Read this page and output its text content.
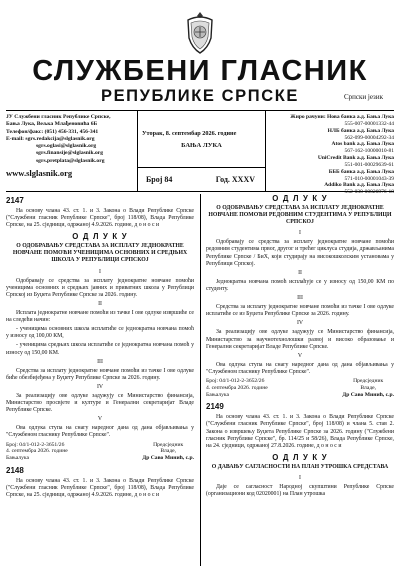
СЛУЖБЕНИ ГЛАСНИК
РЕПУБЛИКЕ СРПСКЕ	Српски језик
ЈУ Службени гласник Републике Српске,
Бања Лука, Вељка Млађеновића 6Б
Телефон/факс: (051) 456-331, 456-341
E-mail: sgrs.redakcija@slglasnik.org
sgrs.oglasi@slglasnik.org
sgrs.finansije@slglasnik.org
sgrs.pretplata@slglasnik.org
www.slglasnik.org
Уторак, 8. септембар 2026. године
БАЊА ЛУКА
Број 84	Год. XXXV
Жиро рачуни: Нова банка а.д. Бања Лука
555-007-00001332-44
НЛБ банка а.д. Бања Лука
562-099-00004292-34
Atos bank а.д. Бања Лука
567-162-10000010-81
UniCredit Bank а.д. Бања Лука
551-001-00029639-61
БББ банка а.д. Бања Лука
571-010-00001043-39
Addiko Bank а.д. Бања Лука
552-030-00026976-18
2147

На основу члана 43. ст. 1. и 3. Закона о Влади Републике Српске ("Службени гласник Републике Српске", број 118/08), Влада Републике Српске, на 25. сједници, одржаној 4.9.2026. године, д о н о с и

О Д Л У К У
О ОДОБРАВАЊУ СРЕДСТАВА ЗА ИСПЛАТУ ЈЕДНОКРАТНЕ НОВЧАНЕ ПОМОЋИ УЧЕНИЦИМА ОСНОВНИХ И СРЕДЊИХ ШКОЛА У РЕПУБЛИЦИ СРПСКОЈ
I

Одобравају се средства за исплату једнократне новчане помоћи ученицима основних и средњих јавних и приватних школа у Републици Српској из Буџета Републике Српске за 2026. годину.

II

Исплата једнократне новчане помоћи из тачке I ове одлуке извршиће се на следећи начин:

- ученицима основних школа исплатиће се једнократна новчана помоћ у износу од 100,00 КМ,

- ученицима средњих школа исплатиће се једнократна новчана помоћ у износу од 150,00 КМ.

III

Средства за исплату једнократне новчане помоћи из тачке I ове одлуке биће обезбијеђена у Буџету Републике Српске за 2026. годину.

IV

За реализацију ове одлуке задужују се Министарство финансија, Министарство просвјете и културе и Генерални секретаријат Владе Републике Српске.

V

Ова одлука ступа на снагу наредног дана од дана објављивања у "Службеном гласнику Републике Српске".

Број: 04/1-012-2-3651/26
4. септембра 2026. године
Бањалука
Предсједник
Владе,
Др Саво Минић, с.р.
2148

На основу члана 43. ст. 1. и 3. Закона о Влади Републике Српске ("Службени гласник Републике Српске", број 118/08), Влада Републике Српске, на 25. сједници, одржаној 4.9.2026. године, д о н о с и

О Д Л У К У
О ОДОБРАВАЊУ СРЕДСТАВА ЗА ИСПЛАТУ ЈЕДНОКРАТНЕ НОВЧАНЕ ПОМОЋИ РЕДОВНИМ СТУДЕНТИМА У РЕПУБЛИЦИ СРПСКОЈ
I

Одобравају се средства за исплату једнократне новчане помоћи редовним студентима првог, другог и трећег циклуса студија, држављанима Републике Српске / БиХ, који студирају на високошколским установама у Републици Српској.

II

Једнократна новчана помоћ исплаћује се у износу од 150,00 КМ по студенту.

III

Средства за исплату једнократне новчане помоћи из тачке I ове одлуке исплатиће се из Буџета Републике Српске за 2026. годину.

IV

За реализацију ове одлуке задужују се Министарство финансија, Министарство за научнотехнолошки развој и високо образовање и Генерални секретаријат Владе Републике Српске.

V

Ова одлука ступа на снагу наредног дана од дана објављивања у "Службеном гласнику Републике Српске".

Број: 04/1-012-2-3652/26
4. септембра 2026. године
Бањалука
Предсједник
Владе,
Др Саво Минић, с.р.
2149

На основу члана 43. ст. 1. и 3. Закона о Влади Републике Српске ("Службени гласник Републике Српске", број 118/08) и члана 5. став 2. Закона о извршењу Буџета Републике Српске за 2026. годину ("Службени гласник Републике Српске", бр. 114/25 и 58/26), Влада Републике Српске, на 24. сједници, одржаној 27.8.2026. године, д о н о с и

О Д Л У К У
О ДАВАЊУ САГЛАСНОСТИ НА ПЛАН УТРОШКА СРЕДСТАВА
I

Даје се сагласност Народној скупштини Републике Српске (организациони код 02020001) на План утрошка
